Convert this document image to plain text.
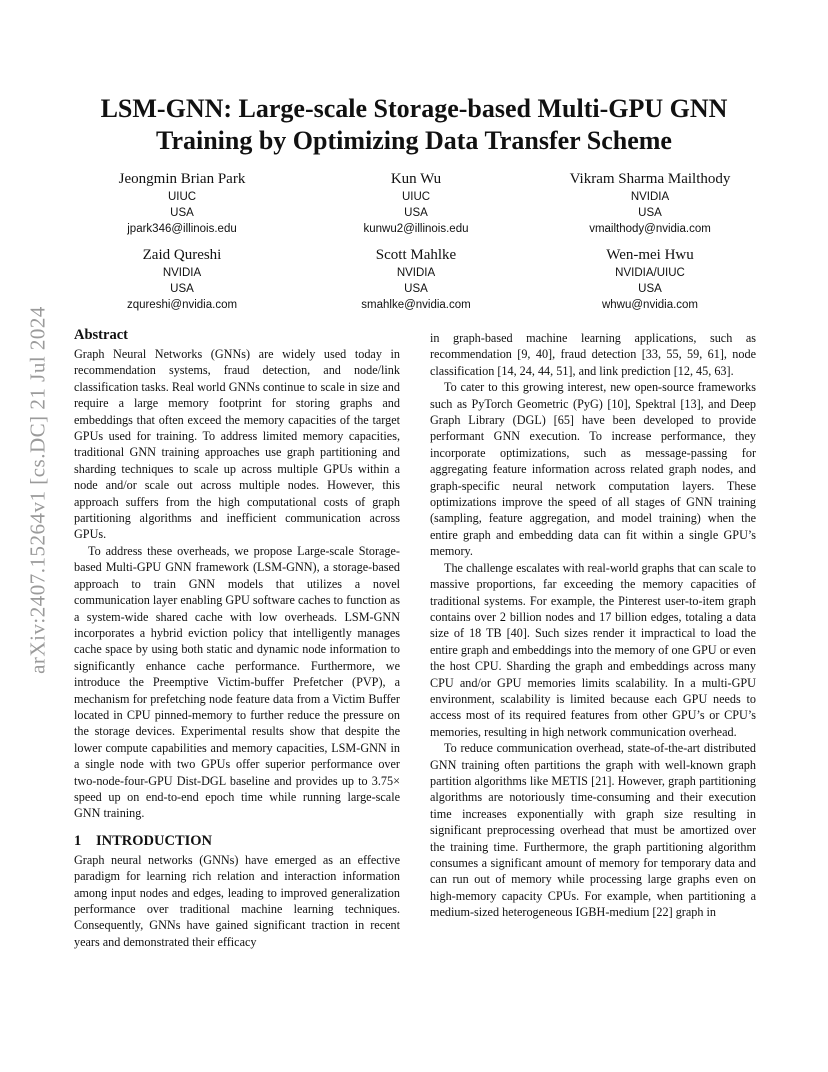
arXiv:2407.15264v1 [cs.DC] 21 Jul 2024
LSM-GNN: Large-scale Storage-based Multi-GPU GNN Training by Optimizing Data Transfer Scheme
Jeongmin Brian Park
UIUC
USA
jpark346@illinois.edu
Kun Wu
UIUC
USA
kunwu2@illinois.edu
Vikram Sharma Mailthody
NVIDIA
USA
vmailthody@nvidia.com
Zaid Qureshi
NVIDIA
USA
zqureshi@nvidia.com
Scott Mahlke
NVIDIA
USA
smahlke@nvidia.com
Wen-mei Hwu
NVIDIA/UIUC
USA
whwu@nvidia.com
Abstract

Graph Neural Networks (GNNs) are widely used today in recommendation systems, fraud detection, and node/link classification tasks. Real world GNNs continue to scale in size and require a large memory footprint for storing graphs and embeddings that often exceed the memory capacities of the target GPUs used for training. To address limited memory capacities, traditional GNN training approaches use graph partitioning and sharding techniques to scale up across multiple GPUs within a node and/or scale out across multiple nodes. However, this approach suffers from the high computational costs of graph partitioning algorithms and inefficient communication across GPUs.

To address these overheads, we propose Large-scale Storage-based Multi-GPU GNN framework (LSM-GNN), a storage-based approach to train GNN models that utilizes a novel communication layer enabling GPU software caches to function as a system-wide shared cache with low overheads. LSM-GNN incorporates a hybrid eviction policy that intelligently manages cache space by using both static and dynamic node information to significantly enhance cache performance. Furthermore, we introduce the Preemptive Victim-buffer Prefetcher (PVP), a mechanism for prefetching node feature data from a Victim Buffer located in CPU pinned-memory to further reduce the pressure on the storage devices. Experimental results show that despite the lower compute capabilities and memory capacities, LSM-GNN in a single node with two GPUs offer superior performance over two-node-four-GPU Dist-DGL baseline and provides up to 3.75× speed up on end-to-end epoch time while running large-scale GNN training.

1 INTRODUCTION

Graph neural networks (GNNs) have emerged as an effective paradigm for learning rich relation and interaction information among input nodes and edges, leading to improved generalization performance over traditional machine learning techniques. Consequently, GNNs have gained significant traction in recent years and demonstrated their efficacy

in graph-based machine learning applications, such as recommendation [9, 40], fraud detection [33, 55, 59, 61], node classification [14, 24, 44, 51], and link prediction [12, 45, 63].

To cater to this growing interest, new open-source frameworks such as PyTorch Geometric (PyG) [10], Spektral [13], and Deep Graph Library (DGL) [65] have been developed to provide performant GNN execution. To increase performance, they incorporate optimizations, such as message-passing for aggregating feature information across related graph nodes, and graph-specific neural network computation layers. These optimizations improve the speed of all stages of GNN training (sampling, feature aggregation, and model training) when the entire graph and embedding data can fit within a single GPU’s memory.

The challenge escalates with real-world graphs that can scale to massive proportions, far exceeding the memory capacities of traditional systems. For example, the Pinterest user-to-item graph contains over 2 billion nodes and 17 billion edges, totaling a data size of 18 TB [40]. Such sizes render it impractical to load the entire graph and embeddings into the memory of one GPU or even the host CPU. Sharding the graph and embeddings across many CPU and/or GPU memories limits scalability. In a multi-GPU environment, scalability is limited because each GPU needs to access most of its required features from other GPU’s or CPU’s memories, resulting in high network communication overhead.

To reduce communication overhead, state-of-the-art distributed GNN training often partitions the graph with well-known graph partition algorithms like METIS [21]. However, graph partitioning algorithms are notoriously time-consuming and their execution time increases exponentially with graph size resulting in significant preprocessing overhead that must be amortized over the training time. Furthermore, the graph partitioning algorithm consumes a significant amount of memory for temporary data and can run out of memory while processing large graphs even on high-memory capacity CPUs. For example, when partitioning a medium-sized heterogeneous IGBH-medium [22] graph in
